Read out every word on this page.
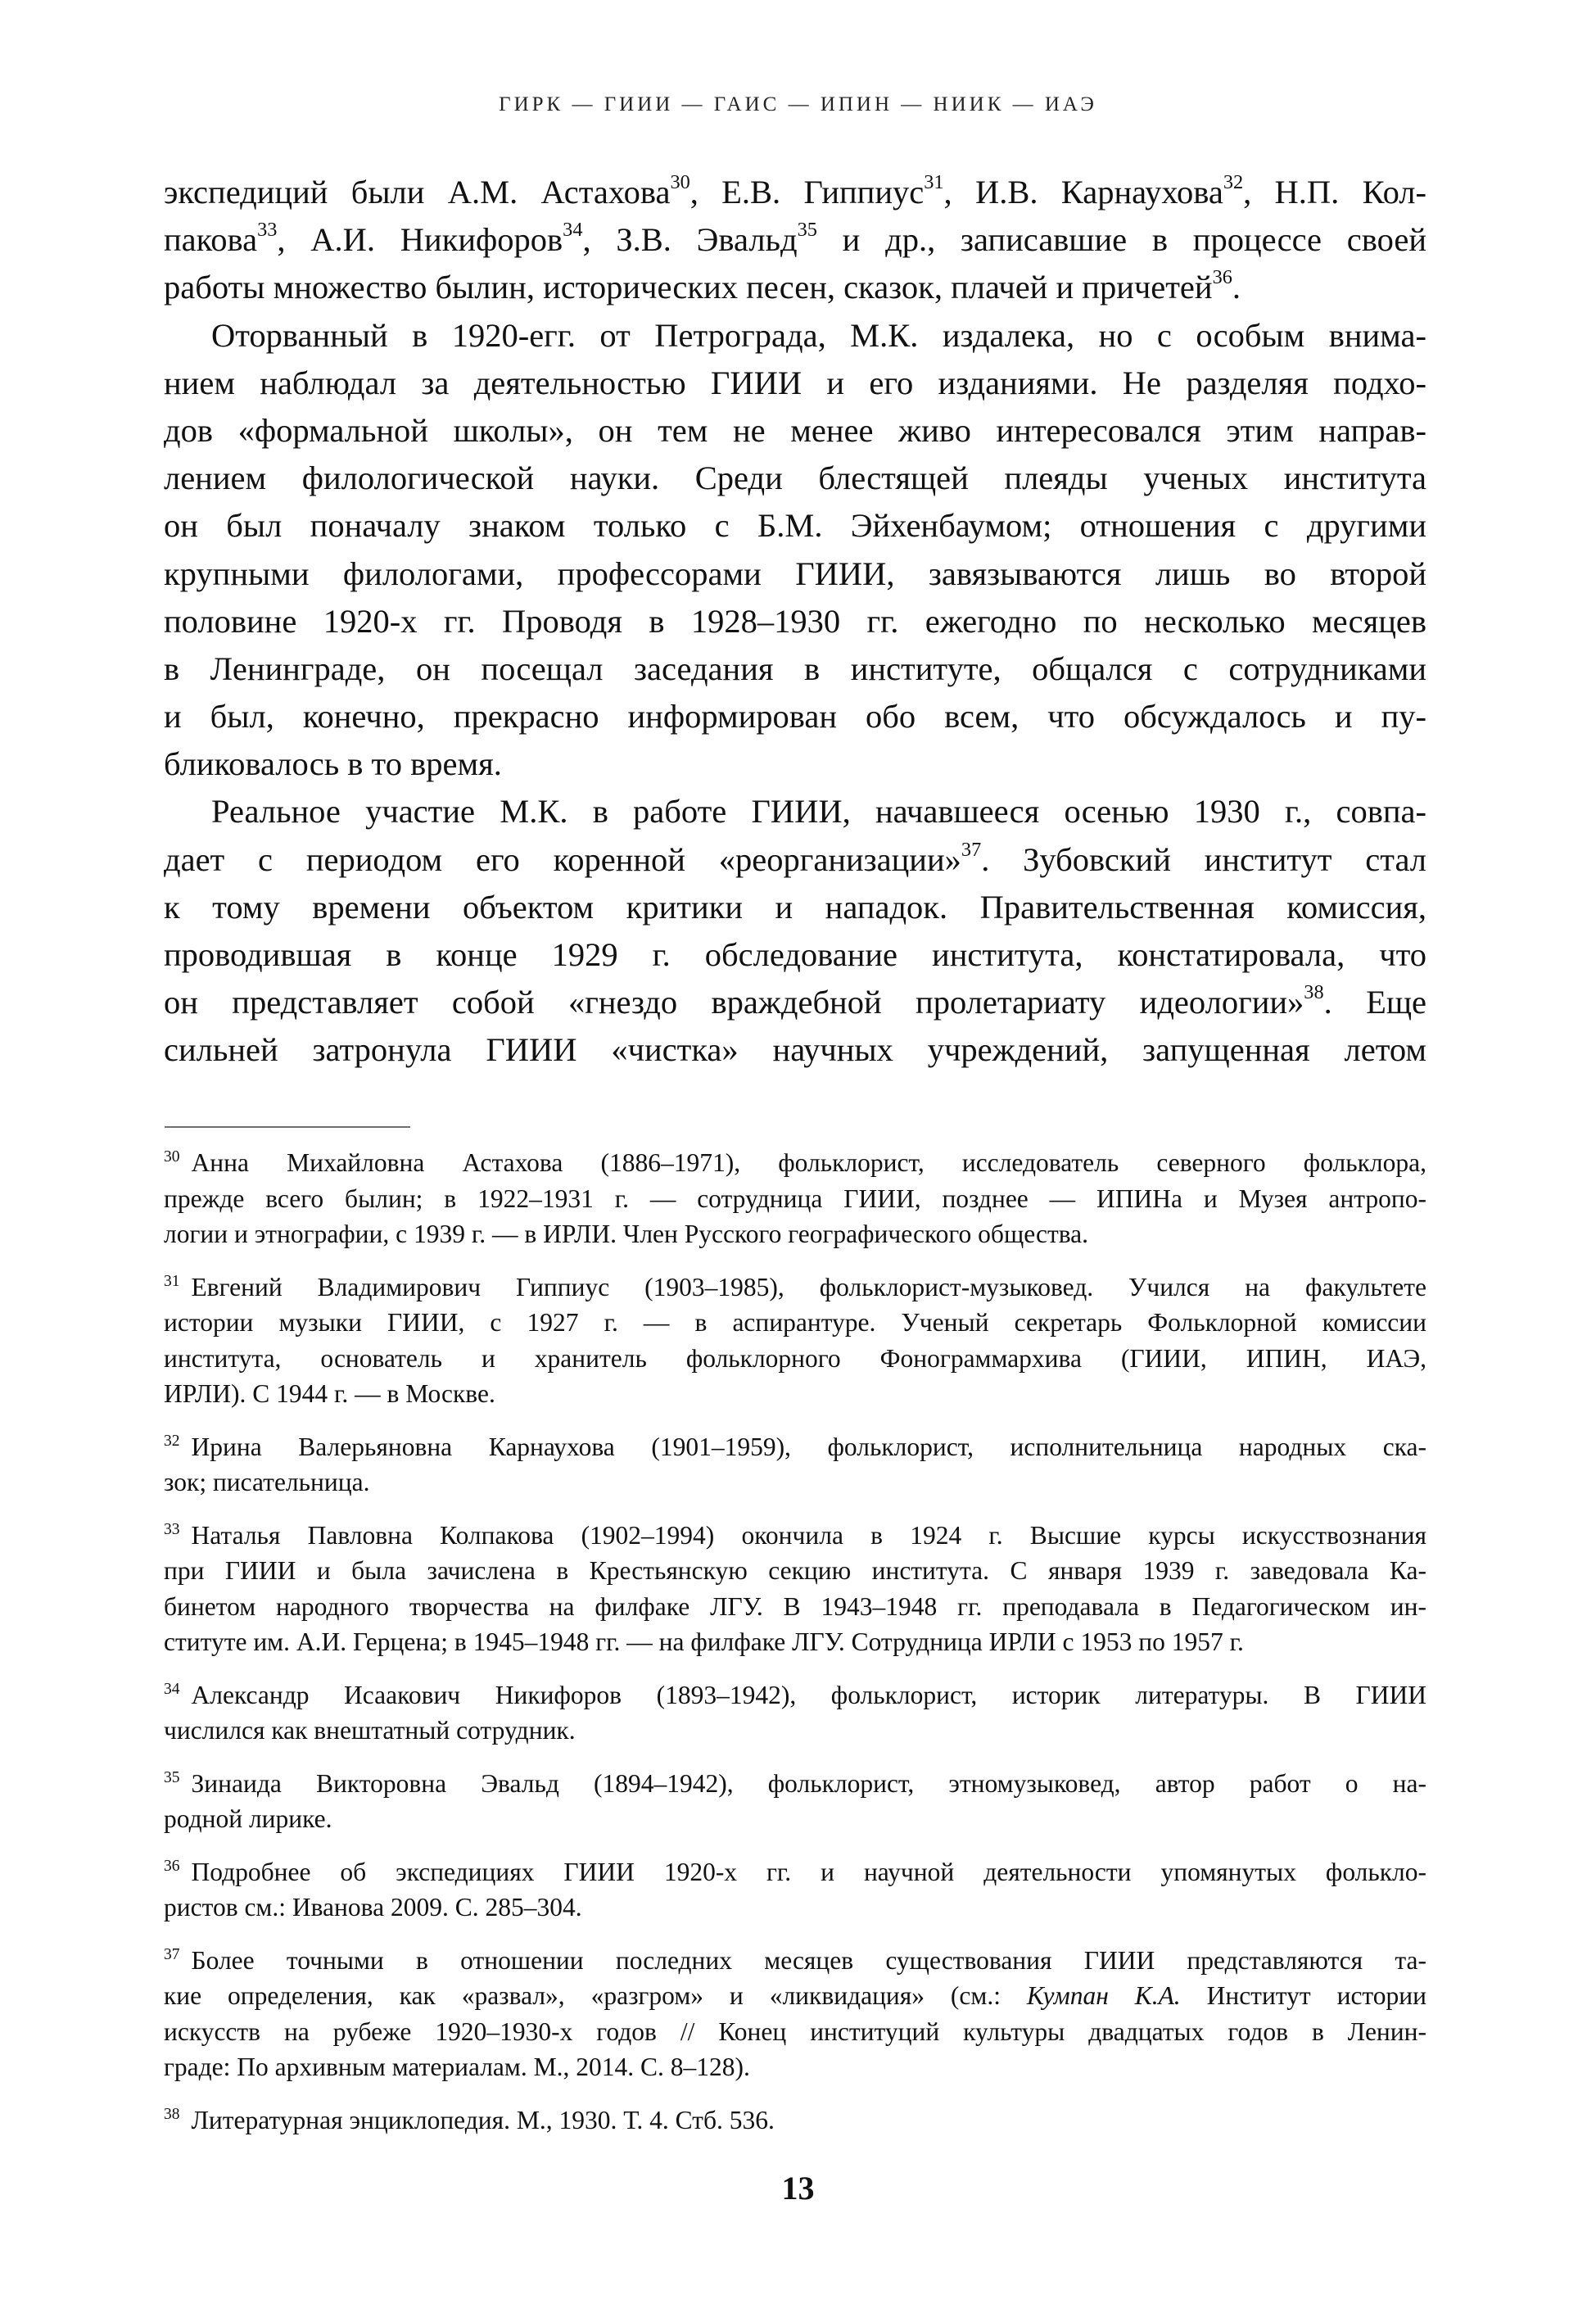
ГИРК — ГИИИ — ГАИС — ИПИН — НИИК — ИАЭ
экспедиций были А.М. Астахова$^{30}$, Е.В. Гиппиус$^{31}$, И.В. Карнаухова$^{32}$, Н.П. Кол-
пакова$^{33}$, А.И. Никифоров$^{34}$, З.В. Эвальд$^{35}$ и др., записавшие в процессе своей
работы множество былин, исторических песен, сказок, плачей и причетей$^{36}$.
Оторванный в 1920-егг. от Петрограда, М.К. издалека, но с особым внима-
нием наблюдал за деятельностью ГИИИ и его изданиями. Не разделяя подхо-
дов «формальной школы», он тем не менее живо интересовался этим направ-
лением филологической науки. Среди блестящей плеяды ученых института
он был поначалу знаком только с Б.М. Эйхенбаумом; отношения с другими
крупными филологами, профессорами ГИИИ, завязываются лишь во второй
половине 1920-х гг. Проводя в 1928–1930 гг. ежегодно по несколько месяцев
в Ленинграде, он посещал заседания в институте, общался с сотрудниками
и был, конечно, прекрасно информирован обо всем, что обсуждалось и пу-
бликовалось в то время.
Реальное участие М.К. в работе ГИИИ, начавшееся осенью 1930 г., совпа-
дает с периодом его коренной «реорганизации»$^{37}$. Зубовский институт стал
к тому времени объектом критики и нападок. Правительственная комиссия,
проводившая в конце 1929 г. обследование института, констатировала, что
он представляет собой «гнездо враждебной пролетариату идеологии»$^{38}$. Еще
сильней затронула ГИИИ «чистка» научных учреждений, запущенная летом
$^{30}$ Анна Михайловна Астахова (1886–1971), фольклорист, исследователь северного фольклора,
прежде всего былин; в 1922–1931 г. — сотрудница ГИИИ, позднее — ИПИНа и Музея антропо-
логии и этнографии, с 1939 г. — в ИРЛИ. Член Русского географического общества.
$^{31}$ Евгений Владимирович Гиппиус (1903–1985), фольклорист-музыковед. Учился на факультете
истории музыки ГИИИ, с 1927 г. — в аспирантуре. Ученый секретарь Фольклорной комиссии
института, основатель и хранитель фольклорного Фонограммархива (ГИИИ, ИПИН, ИАЭ,
ИРЛИ). С 1944 г. — в Москве.
$^{32}$ Ирина Валерьяновна Карнаухова (1901–1959), фольклорист, исполнительница народных ска-
зок; писательница.
$^{33}$ Наталья Павловна Колпакова (1902–1994) окончила в 1924 г. Высшие курсы искусствознания
при ГИИИ и была зачислена в Крестьянскую секцию института. С января 1939 г. заведовала Ка-
бинетом народного творчества на филфаке ЛГУ. В 1943–1948 гг. преподавала в Педагогическом ин-
ституте им. А.И. Герцена; в 1945–1948 гг. — на филфаке ЛГУ. Сотрудница ИРЛИ с 1953 по 1957 г.
$^{34}$ Александр Исаакович Никифоров (1893–1942), фольклорист, историк литературы. В ГИИИ
числился как внештатный сотрудник.
$^{35}$ Зинаида Викторовна Эвальд (1894–1942), фольклорист, этномузыковед, автор работ о на-
родной лирике.
$^{36}$ Подробнее об экспедициях ГИИИ 1920-х гг. и научной деятельности упомянутых фолькло-
ристов см.: Иванова 2009. С. 285–304.
$^{37}$ Более точными в отношении последних месяцев существования ГИИИ представляются та-
кие определения, как «развал», «разгром» и «ликвидация» (см.: Кумпан К.А. Институт истории
искусств на рубеже 1920–1930-х годов // Конец институций культуры двадцатых годов в Ленин-
граде: По архивным материалам. М., 2014. С. 8–128).
$^{38}$ Литературная энциклопедия. М., 1930. Т. 4. Стб. 536.
13
